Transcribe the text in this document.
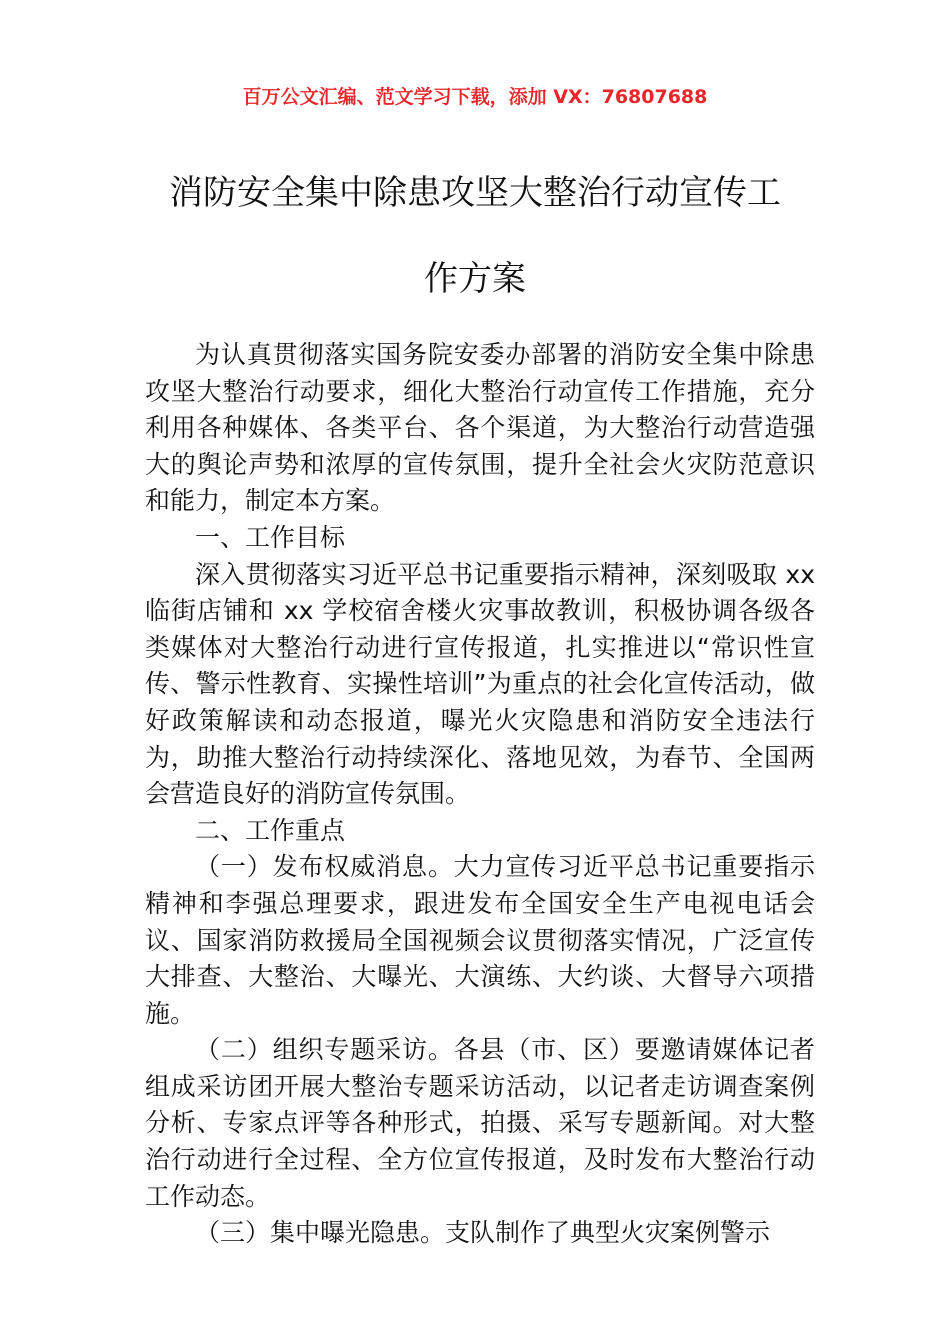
百万公文汇编、范文学习下载，添加 VX：76807688
消防安全集中除患攻坚大整治行动宣传工
作方案

为认真贯彻落实国务院安委办部署的消防安全集中除患攻坚大整治行动要求，细化大整治行动宣传工作措施，充分利用各种媒体、各类平台、各个渠道，为大整治行动营造强大的舆论声势和浓厚的宣传氛围，提升全社会火灾防范意识和能力，制定本方案。

一、工作目标

深入贯彻落实习近平总书记重要指示精神，深刻吸取 xx 临街店铺和 xx 学校宿舍楼火灾事故教训，积极协调各级各类媒体对大整治行动进行宣传报道，扎实推进以“常识性宣传、警示性教育、实操性培训”为重点的社会化宣传活动，做好政策解读和动态报道，曝光火灾隐患和消防安全违法行为，助推大整治行动持续深化、落地见效，为春节、全国两会营造良好的消防宣传氛围。

二、工作重点

（一）发布权威消息。大力宣传习近平总书记重要指示精神和李强总理要求，跟进发布全国安全生产电视电话会议、国家消防救援局全国视频会议贯彻落实情况，广泛宣传大排查、大整治、大曝光、大演练、大约谈、大督导六项措施。

（二）组织专题采访。各县（市、区）要邀请媒体记者组成采访团开展大整治专题采访活动，以记者走访调查案例分析、专家点评等各种形式，拍摄、采写专题新闻。对大整治行动进行全过程、全方位宣传报道，及时发布大整治行动工作动态。

（三）集中曝光隐患。支队制作了典型火灾案例警示
